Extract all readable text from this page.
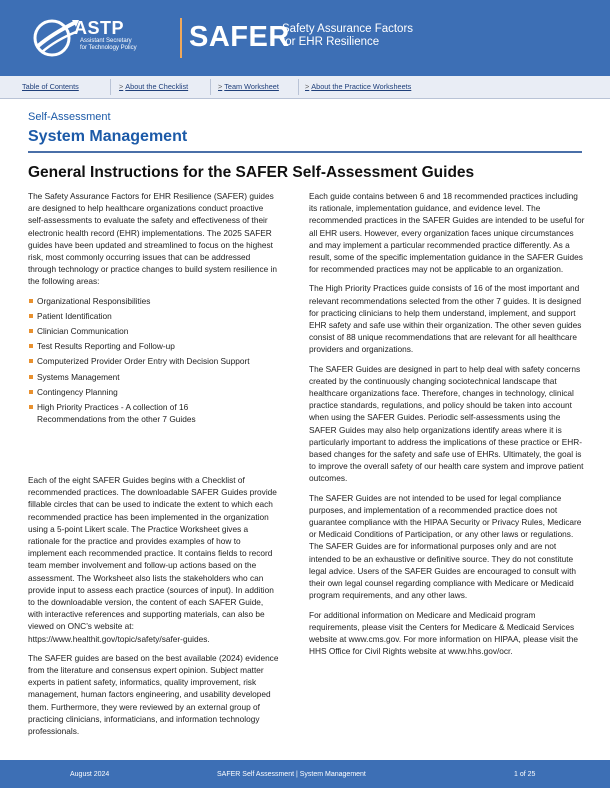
ASTP
Assistant Secretary
for Technology Policy SAFER
Safety Assurance Factors
for EHR Resilience
Table of Contents	> About the Checklist	> Team Worksheet	> About the Practice Worksheets
Self-Assessment
System Management
General Instructions for the SAFER Self-Assessment Guides

The Safety Assurance Factors for EHR Resilience (SAFER) guides are designed to help healthcare organizations conduct proactive self-assessments to evaluate the safety and effectiveness of their electronic health record (EHR) implementations. The 2025 SAFER guides have been updated and streamlined to focus on the highest risk, most commonly occurring issues that can be addressed through technology or practice changes to build system resilience in the following areas:

Organizational Responsibilities
Patient Identification
Clinician Communication
Test Results Reporting and Follow-up
Computerized Provider Order Entry with Decision Support
Systems Management
Contingency Planning
High Priority Practices - A collection of 16 Recommendations from the other 7 Guides

Each of the eight SAFER Guides begins with a Checklist of recommended practices. The downloadable SAFER Guides provide fillable circles that can be used to indicate the extent to which each recommended practice has been implemented in the organization using a 5-point Likert scale. The Practice Worksheet gives a rationale for the practice and provides examples of how to implement each recommended practice. It contains fields to record team member involvement and follow-up actions based on the assessment. The Worksheet also lists the stakeholders who can provide input to assess each practice (sources of input). In addition to the downloadable version, the content of each SAFER Guide, with interactive references and supporting materials, can also be viewed on ONC’s website at: https://www.healthit.gov/topic/safety/safer-guides.

The SAFER guides are based on the best available (2024) evidence from the literature and consensus expert opinion. Subject matter experts in patient safety, informatics, quality improvement, risk management, human factors engineering, and usability developed them. Furthermore, they were reviewed by an external group of practicing clinicians, informaticians, and information technology professionals.

Each guide contains between 6 and 18 recommended practices including its rationale, implementation guidance, and evidence level. The recommended practices in the SAFER Guides are intended to be useful for all EHR users. However, every organization faces unique circumstances and may implement a particular recommended practice differently. As a result, some of the specific implementation guidance in the SAFER Guides for recommended practices may not be applicable to an organization.

The High Priority Practices guide consists of 16 of the most important and relevant recommendations selected from the other 7 guides. It is designed for practicing clinicians to help them understand, implement, and support EHR safety and safe use within their organization. The other seven guides consist of 88 unique recommendations that are relevant for all healthcare providers and organizations.

The SAFER Guides are designed in part to help deal with safety concerns created by the continuously changing sociotechnical landscape that healthcare organizations face. Therefore, changes in technology, clinical practice standards, regulations, and policy should be taken into account when using the SAFER Guides. Periodic self-assessments using the SAFER Guides may also help organizations identify areas where it is particularly important to address the implications of these practice or EHR-based changes for the safety and safe use of EHRs. Ultimately, the goal is to improve the overall safety of our health care system and improve patient outcomes.

The SAFER Guides are not intended to be used for legal compliance purposes, and implementation of a recommended practice does not guarantee compliance with the HIPAA Security or Privacy Rules, Medicare or Medicaid Conditions of Participation, or any other laws or regulations. The SAFER Guides are for informational purposes only and are not intended to be an exhaustive or definitive source. They do not constitute legal advice. Users of the SAFER Guides are encouraged to consult with their own legal counsel regarding compliance with Medicare or Medicaid program requirements, and any other laws.

For additional information on Medicare and Medicaid program requirements, please visit the Centers for Medicare & Medicaid Services website at www.cms.gov. For more information on HIPAA, please visit the HHS Office for Civil Rights website at www.hhs.gov/ocr.

August 2024	SAFER Self Assessment | System Management	1 of 25
